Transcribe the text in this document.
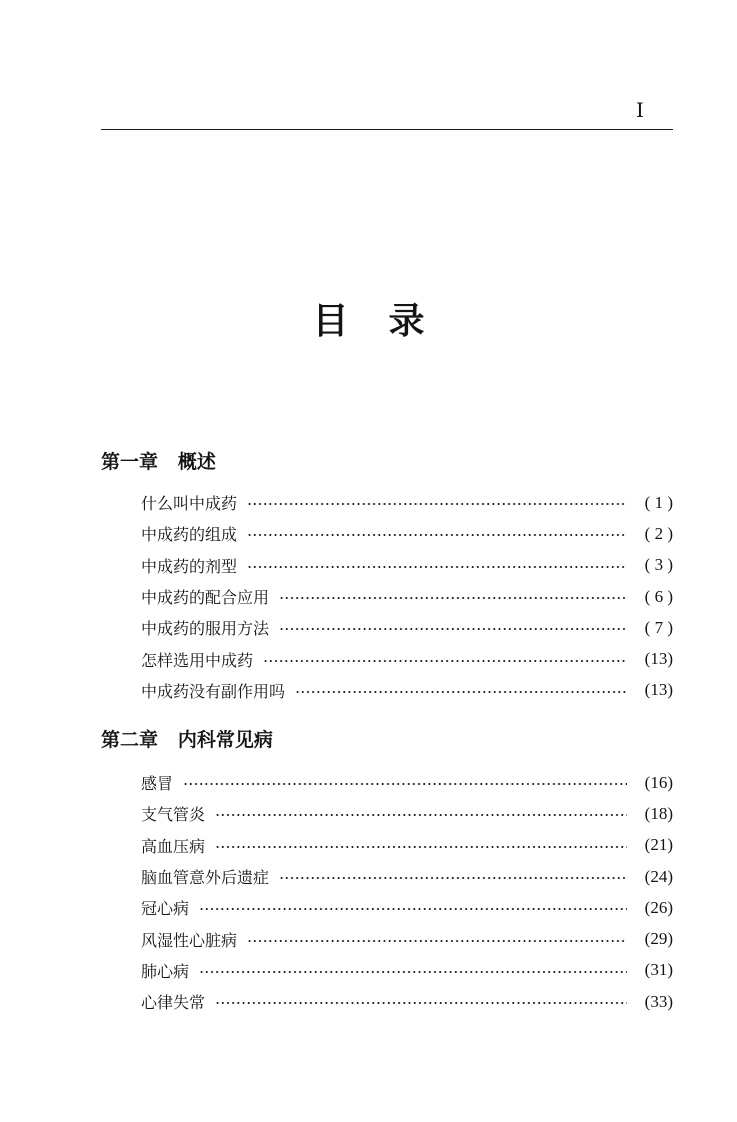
I
目录
第一章   概述
什么叫中成药	( 1 )
中成药的组成	( 2 )
中成药的剂型	( 3 )
中成药的配合应用	( 6 )
中成药的服用方法	( 7 )
怎样选用中成药	(13)
中成药没有副作用吗	(13)
第二章   内科常见病
感冒	(16)
支气管炎	(18)
高血压病	(21)
脑血管意外后遗症	(24)
冠心病	(26)
风湿性心脏病	(29)
肺心病	(31)
心律失常	(33)
